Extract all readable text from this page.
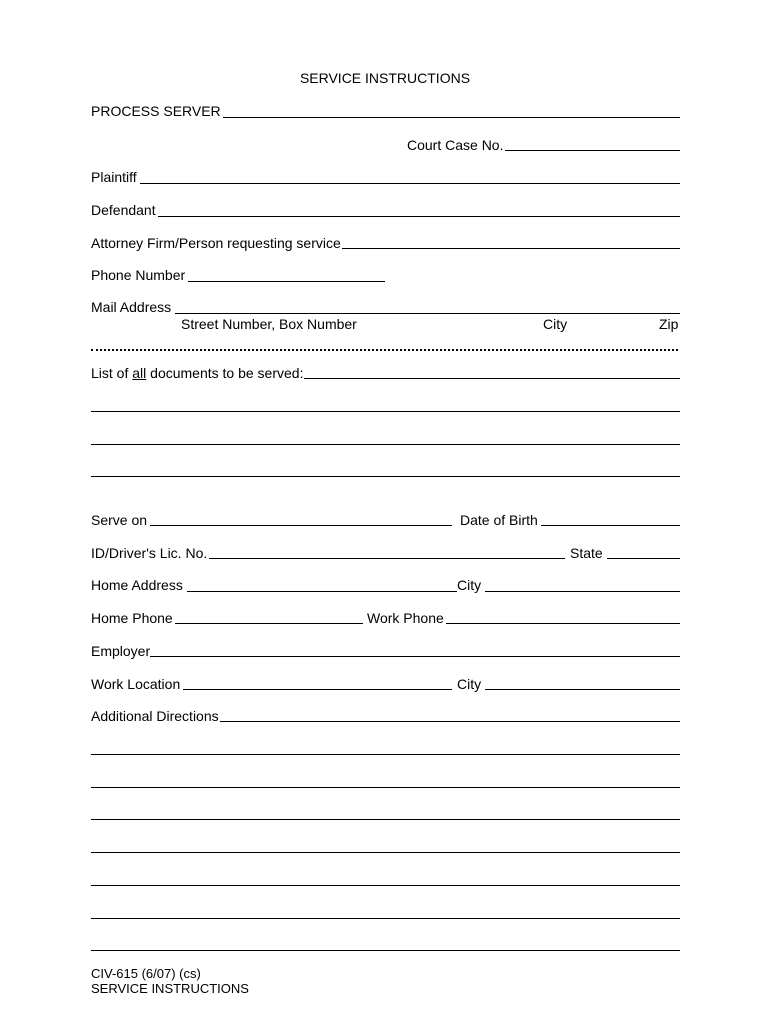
SERVICE INSTRUCTIONS
PROCESS SERVER
Court Case No.
Plaintiff
Defendant
Attorney Firm/Person requesting service
Phone Number
Mail Address
Street Number, Box Number	City	Zip
List of all documents to be served:
Serve on	Date of Birth
ID/Driver's Lic. No.	State
Home Address	City
Home Phone	Work Phone
Employer
Work Location	City
Additional Directions
CIV-615 (6/07) (cs)
SERVICE INSTRUCTIONS
